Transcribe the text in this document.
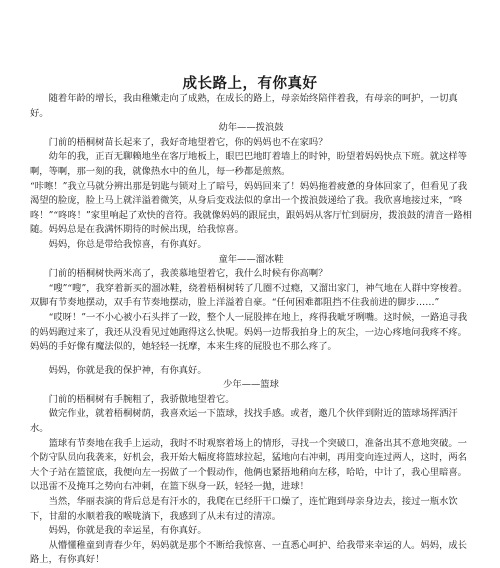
成长路上，有你真好

随着年龄的增长，我由稚嫩走向了成熟，在成长的路上，母亲始终陪伴着我，有母亲的呵护，一切真好。

幼年——拨浪鼓

门前的梧桐树苗长起来了，我好奇地望着它，你的妈妈也不在家吗？

幼年的我，正百无聊赖地坐在客厅地板上，眼巴巴地盯着墙上的时钟，盼望着妈妈快点下班。就这样等啊，等啊，那一刻的我，就像热水中的鱼儿，每一秒都是煎熬。

“咔嚓！”我立马就分辨出那是钥匙与锁对上了暗号，妈妈回来了！妈妈拖着疲惫的身体回家了，但看见了我渴望的脸庞，脸上马上就洋溢着微笑，从身后变戏法似的拿出一个拨浪鼓递给了我。我欣喜地接过来，“咚咚！”“咚咚！”家里响起了欢快的音符。我就像妈妈的跟屁虫，跟妈妈从客厅忙到厨房，拨浪鼓的清音一路相随。妈妈总是在我满怀期待的时候出现，给我惊喜。

妈妈，你总是带给我惊喜，有你真好。

童年——溜冰鞋

门前的梧桐树快两米高了，我羡慕地望着它，我什么时候有你高啊？

“嗖”“嗖”，我穿着新买的溜冰鞋，绕着梧桐树转了几圈不过瘾，又溜出家门，神气地在人群中穿梭着。双脚有节奏地摆动，双手有节奏地摆动，脸上洋溢着自豪。“任何困难都阻挡不住我前进的脚步……”

“哎呀！”一不小心被小石头拌了一跤，整个人一屁股摔在地上，疼得我呲牙咧嘴。这时候，一路追寻我的妈妈跑过来了，我还从没看见过她跑得这么快呢。妈妈一边帮我拍身上的灰尘，一边心疼地问我疼不疼。妈妈的手好像有魔法似的，她轻轻一抚摩，本来生疼的屁股也不那么疼了。

妈妈，你就是我的保护神，有你真好。

少年——篮球

门前的梧桐树有手腕粗了，我骄傲地望着它。

做完作业，就着梧桐树荫，我喜欢运一下篮球，找找手感。或者，邀几个伙伴到附近的篮球场挥洒汗水。

篮球有节奏地在我手上运动，我时不时观察着场上的情形，寻找一个突破口，准备出其不意地突破。一个防守队员向我袭来，好机会，我开始大幅度将篮球拉起，猛地向右冲刺，再用变向连过两人，这时，两名大个子站在篮筐底，我便向左一拐做了一个假动作，他俩也紧捂地稍向左移，哈哈，中计了，我心里暗喜。以迅雷不及掩耳之势向右冲刺，在篮下纵身一跃，轻轻一抛，进球！

当然，华丽表演的背后总是有汗水的，我爬在已经肝干口燥了，连忙跑到母亲身边去，接过一瓶水饮下，甘甜的水顺着我的喉咙淌下，我感到了从未有过的清凉。

妈妈，你就是我的幸运星，有你真好。

从懵懂稚童到青春少年，妈妈就是那个不断给我惊喜、一直悉心呵护、给我带来幸运的人。妈妈，成长路上，有你真好！
